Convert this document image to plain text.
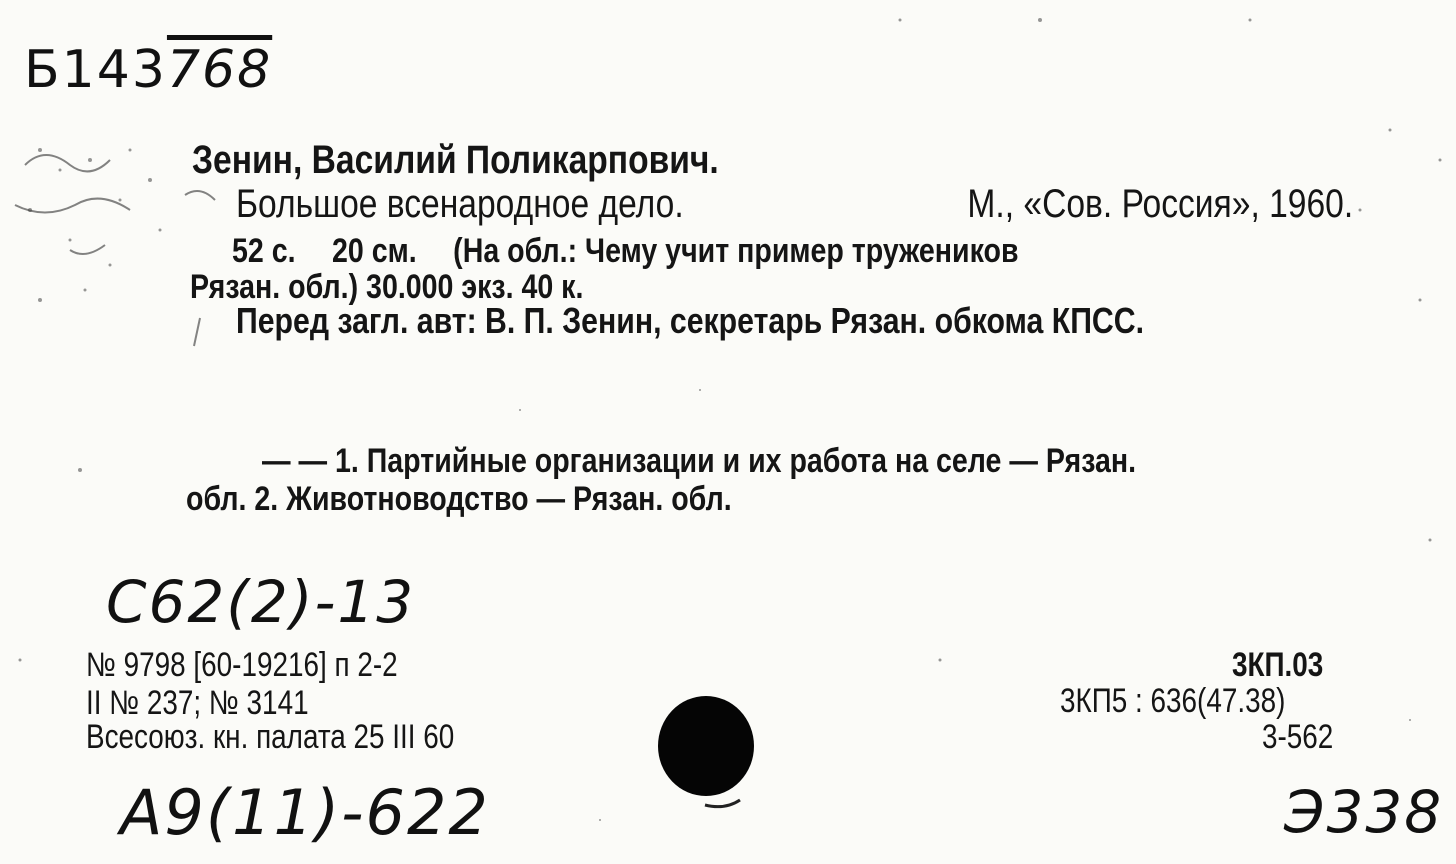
Б143768
Зенин, Василий Поликарпович.
Большое всенародное дело.	М., «Сов. Россия», 1960.
52 с. 20 см. (На обл.: Чему учит пример тружеников
Рязан. обл.) 30.000 экз. 40 к.
Перед загл. авт: В. П. Зенин, секретарь Рязан. обкома КПСС.
— — 1. Партийные организации и их работа на селе — Рязан.
обл. 2. Животноводство — Рязан. обл.
С62(2)-13
№ 9798 [60-19216] п 2-2
II № 237; № 3141
Всесоюз. кн. палата 25 III 60
3КП.03
3КП5 : 636(47.38)
3-562
А9(11)-622	Э338
